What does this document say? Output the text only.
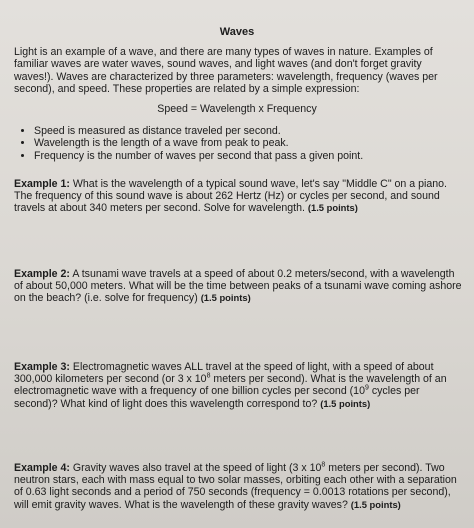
Waves

Light is an example of a wave, and there are many types of waves in nature. Examples of familiar waves are water waves, sound waves, and light waves (and don't forget gravity waves!). Waves are characterized by three parameters: wavelength, frequency (waves per second), and speed. These properties are related by a simple expression:

Speed = Wavelength x Frequency
• Speed is measured as distance traveled per second.
• Wavelength is the length of a wave from peak to peak.
• Frequency is the number of waves per second that pass a given point.
Example 1: What is the wavelength of a typical sound wave, let's say "Middle C" on a piano. The frequency of this sound wave is about 262 Hertz (Hz) or cycles per second, and sound travels at about 340 meters per second. Solve for wavelength. (1.5 points)
Example 2: A tsunami wave travels at a speed of about 0.2 meters/second, with a wavelength of about 50,000 meters. What will be the time between peaks of a tsunami wave coming ashore on the beach? (i.e. solve for frequency) (1.5 points)
Example 3: Electromagnetic waves ALL travel at the speed of light, with a speed of about 300,000 kilometers per second (or 3 x $10^8$ meters per second). What is the wavelength of an electromagnetic wave with a frequency of one billion cycles per second ($10^9$ cycles per second)? What kind of light does this wavelength correspond to? (1.5 points)
Example 4: Gravity waves also travel at the speed of light (3 x $10^8$ meters per second). Two neutron stars, each with mass equal to two solar masses, orbiting each other with a separation of 0.63 light seconds and a period of 750 seconds (frequency = 0.0013 rotations per second), will emit gravity waves. What is the wavelength of these gravity waves? (1.5 points)
